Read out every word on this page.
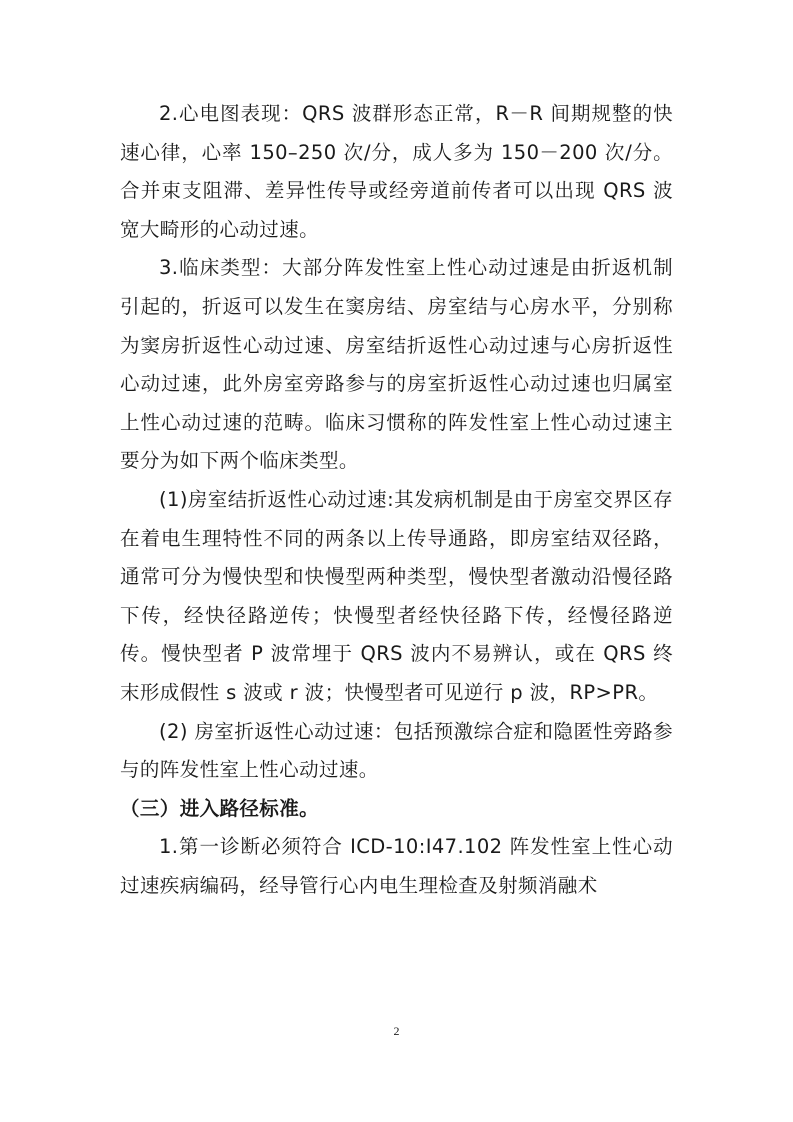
2.心电图表现：QRS 波群形态正常，R－R 间期规整的快速心律，心率 150–250 次/分，成人多为 150－200 次/分。合并束支阻滞、差异性传导或经旁道前传者可以出现 QRS 波宽大畸形的心动过速。

3.临床类型：大部分阵发性室上性心动过速是由折返机制引起的，折返可以发生在窦房结、房室结与心房水平，分别称为窦房折返性心动过速、房室结折返性心动过速与心房折返性心动过速，此外房室旁路参与的房室折返性心动过速也归属室上性心动过速的范畴。临床习惯称的阵发性室上性心动过速主要分为如下两个临床类型。

(1)房室结折返性心动过速:其发病机制是由于房室交界区存在着电生理特性不同的两条以上传导通路，即房室结双径路，通常可分为慢快型和快慢型两种类型，慢快型者激动沿慢径路下传，经快径路逆传；快慢型者经快径路下传，经慢径路逆传。慢快型者 P 波常埋于 QRS 波内不易辨认，或在 QRS 终末形成假性 s 波或 r 波；快慢型者可见逆行 p 波，RP>PR。

(2) 房室折返性心动过速：包括预激综合症和隐匿性旁路参与的阵发性室上性心动过速。

（三）进入路径标准。

1.第一诊断必须符合 ICD-10:I47.102 阵发性室上性心动过速疾病编码，经导管行心内电生理检查及射频消融术

2
